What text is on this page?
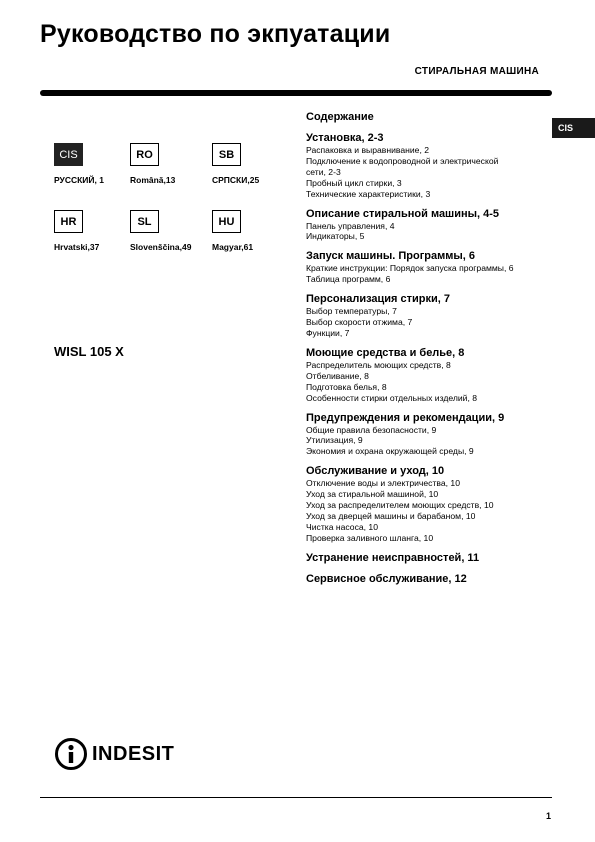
Руководство по экпуатации
СТИРАЛЬНАЯ МАШИНА
CIS
CIS
РУССКИЙ, 1
RO
Română,13
SB
СРПСКИ,25
HR
Hrvatski,37
SL
Slovenščina,49
HU
Magyar,61
WISL 105 X
Содержание
Установка, 2-3
Распаковка и выравнивание, 2
Подключение к водопроводной и электрической
сети, 2-3
Пробный цикл стирки, 3
Технические характеристики, 3
Описание стиральной машины, 4-5
Панель управления, 4
Индикаторы, 5
Запуск машины. Программы, 6
Краткие инструкции: Порядок запуска программы, 6
Таблица программ, 6
Персонализация стирки, 7
Выбор температуры, 7
Выбор скорости отжима, 7
Функции, 7
Моющие средства и белье, 8
Распределитель моющих средств, 8
Отбеливание, 8
Подготовка белья, 8
Особенности стирки отдельных изделий, 8
Предупреждения и рекомендации, 9
Общие правила безопасности, 9
Утилизация, 9
Экономия и охрана окружающей среды, 9
Обслуживание и уход, 10
Отключение воды и электричества, 10
Уход за стиральной машиной, 10
Уход за распределителем моющих средств, 10
Уход за дверцей машины и барабаном, 10
Чистка насоса, 10
Проверка заливного шланга, 10
Устранение неисправностей, 11
Сервисное обслуживание, 12
INDESIT
1
